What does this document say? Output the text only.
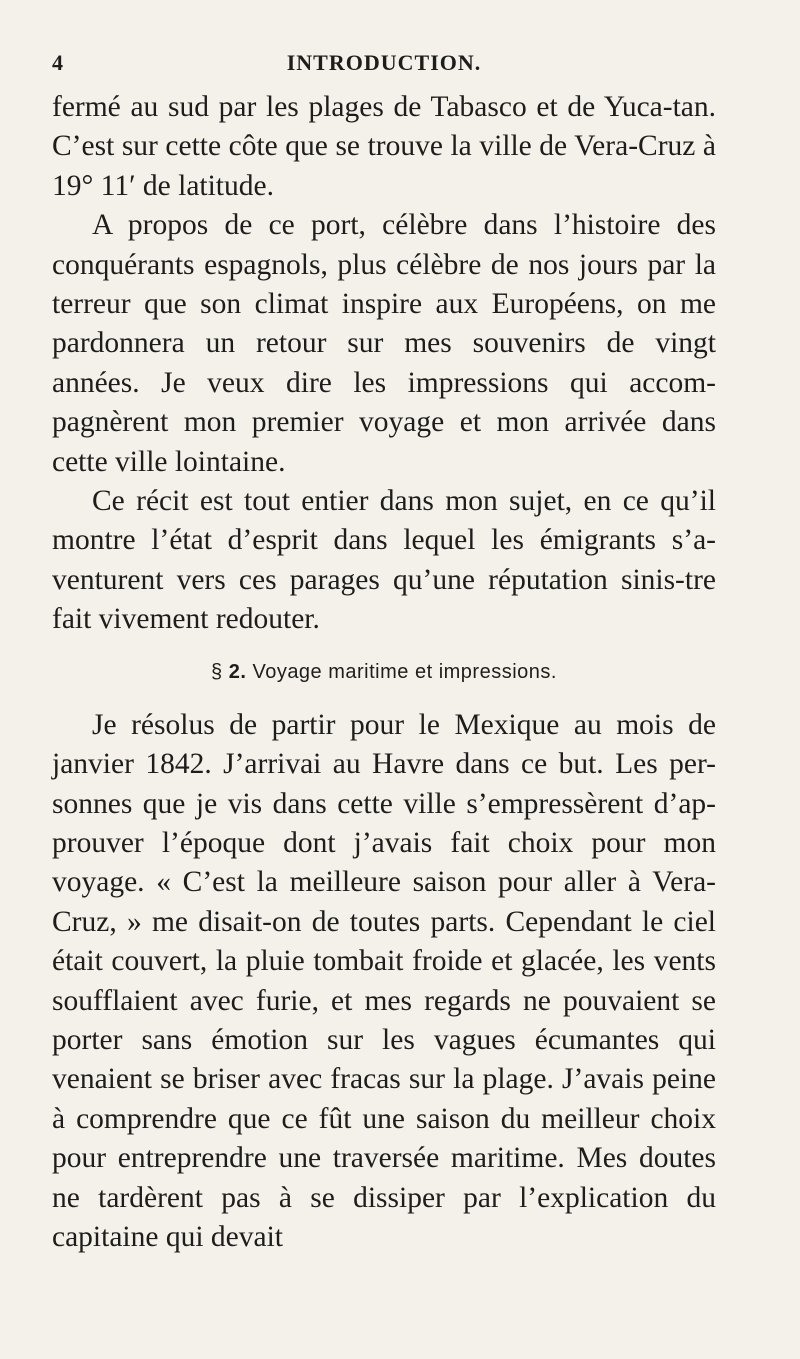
4	INTRODUCTION.

fermé au sud par les plages de Tabasco et de Yuca-tan. C’est sur cette côte que se trouve la ville de Vera-Cruz à 19° 11′ de latitude.

A propos de ce port, célèbre dans l’histoire des conquérants espagnols, plus célèbre de nos jours par la terreur que son climat inspire aux Européens, on me pardonnera un retour sur mes souvenirs de vingt années. Je veux dire les impressions qui accom-pagnèrent mon premier voyage et mon arrivée dans cette ville lointaine.

Ce récit est tout entier dans mon sujet, en ce qu’il montre l’état d’esprit dans lequel les émigrants s’a-venturent vers ces parages qu’une réputation sinis-tre fait vivement redouter.

§ 2. Voyage maritime et impressions.

Je résolus de partir pour le Mexique au mois de janvier 1842. J’arrivai au Havre dans ce but. Les per-sonnes que je vis dans cette ville s’empressèrent d’ap-prouver l’époque dont j’avais fait choix pour mon voyage. « C’est la meilleure saison pour aller à Vera-Cruz, » me disait-on de toutes parts. Cependant le ciel était couvert, la pluie tombait froide et glacée, les vents soufflaient avec furie, et mes regards ne pouvaient se porter sans émotion sur les vagues écumantes qui venaient se briser avec fracas sur la plage. J’avais peine à comprendre que ce fût une saison du meilleur choix pour entreprendre une traversée maritime. Mes doutes ne tardèrent pas à se dissiper par l’explication du capitaine qui devait
